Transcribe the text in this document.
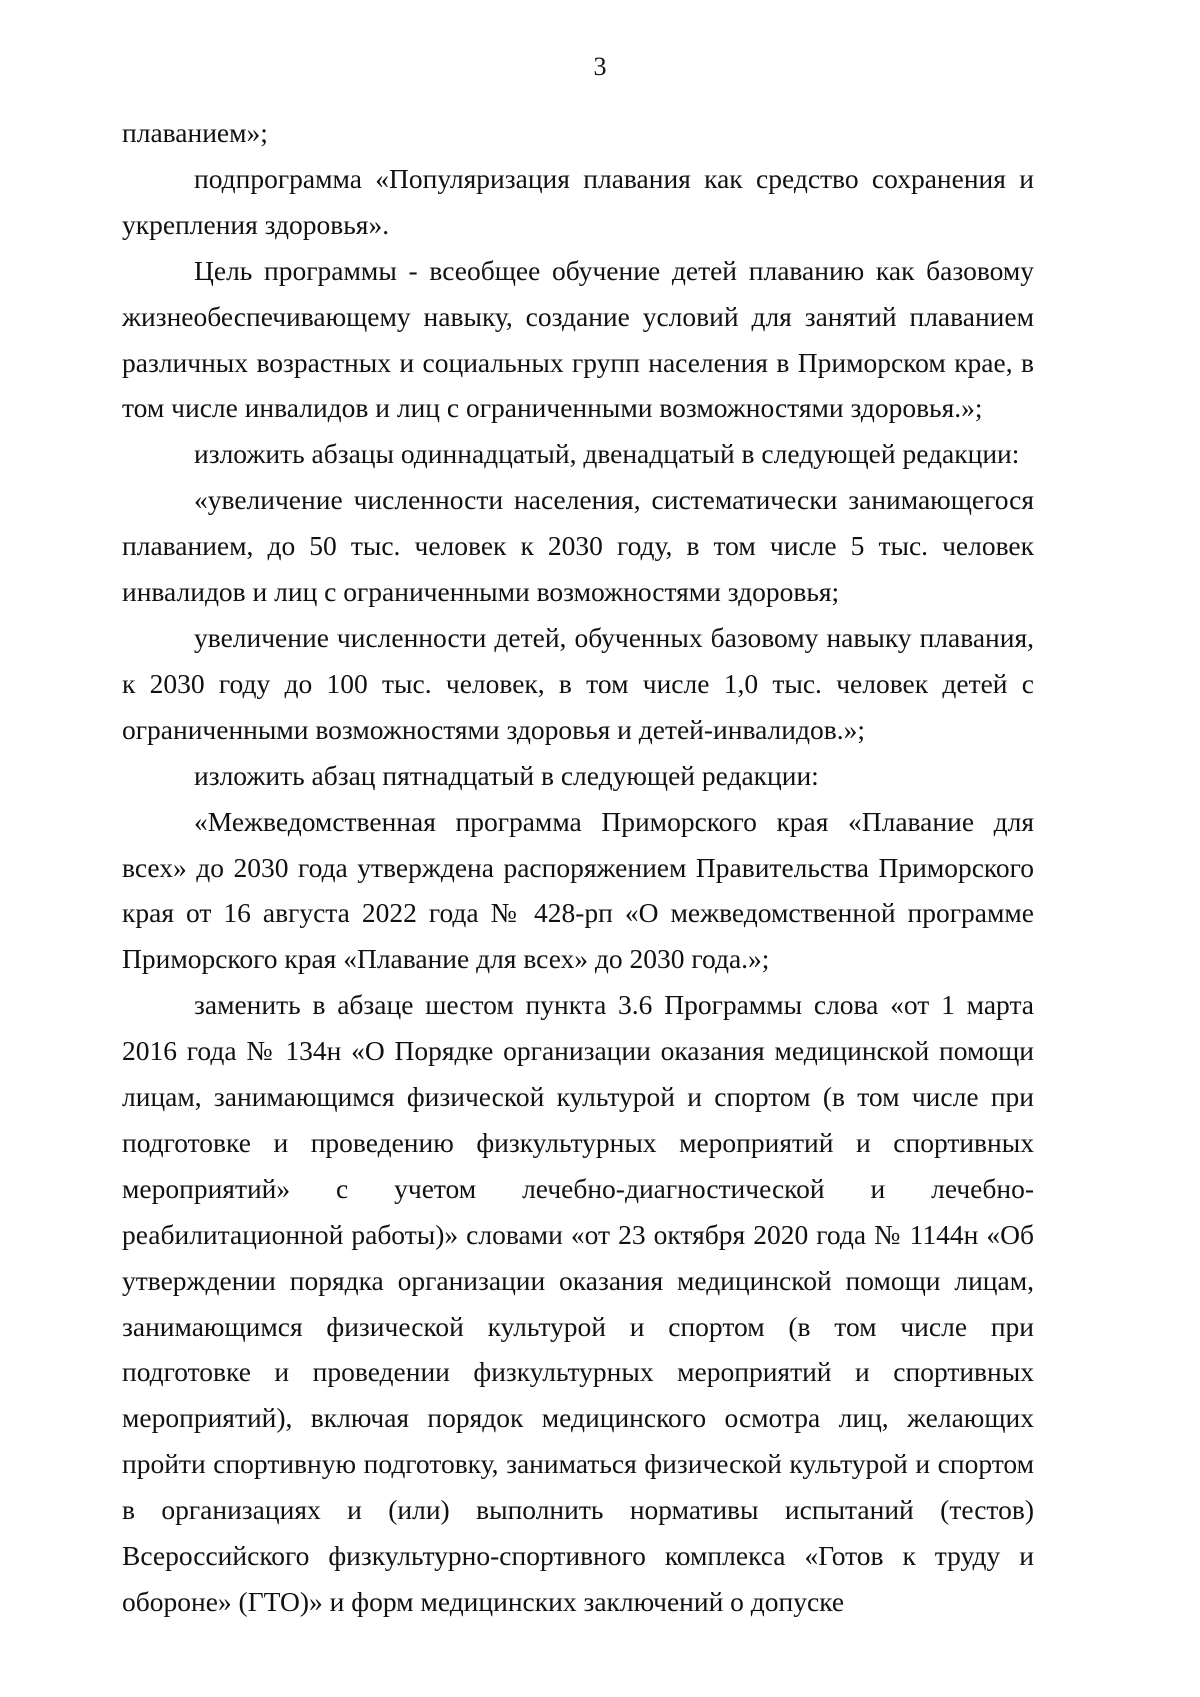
3

плаванием»;

подпрограмма «Популяризация плавания как средство сохранения и укрепления здоровья».

Цель программы - всеобщее обучение детей плаванию как базовому жизнеобеспечивающему навыку, создание условий для занятий плаванием различных возрастных и социальных групп населения в Приморском крае, в том числе инвалидов и лиц с ограниченными возможностями здоровья.»;

изложить абзацы одиннадцатый, двенадцатый в следующей редакции:

«увеличение численности населения, систематически занимающегося плаванием, до 50 тыс. человек к 2030 году, в том числе 5 тыс. человек инвалидов и лиц с ограниченными возможностями здоровья;

увеличение численности детей, обученных базовому навыку плавания, к 2030 году до 100 тыс. человек, в том числе 1,0 тыс. человек детей с ограниченными возможностями здоровья и детей-инвалидов.»;

изложить абзац пятнадцатый в следующей редакции:

«Межведомственная программа Приморского края «Плавание для всех» до 2030 года утверждена распоряжением Правительства Приморского края от 16 августа 2022 года № 428-рп «О межведомственной программе Приморского края «Плавание для всех» до 2030 года.»;

заменить в абзаце шестом пункта 3.6 Программы слова «от 1 марта 2016 года № 134н «О Порядке организации оказания медицинской помощи лицам, занимающимся физической культурой и спортом (в том числе при подготовке и проведению физкультурных мероприятий и спортивных мероприятий» с учетом лечебно-диагностической и лечебно-реабилитационной работы)» словами «от 23 октября 2020 года № 1144н «Об утверждении порядка организации оказания медицинской помощи лицам, занимающимся физической культурой и спортом (в том числе при подготовке и проведении физкультурных мероприятий и спортивных мероприятий), включая порядок медицинского осмотра лиц, желающих пройти спортивную подготовку, заниматься физической культурой и спортом в организациях и (или) выполнить нормативы испытаний (тестов) Всероссийского физкультурно-спортивного комплекса «Готов к труду и обороне» (ГТО)» и форм медицинских заключений о допуске
